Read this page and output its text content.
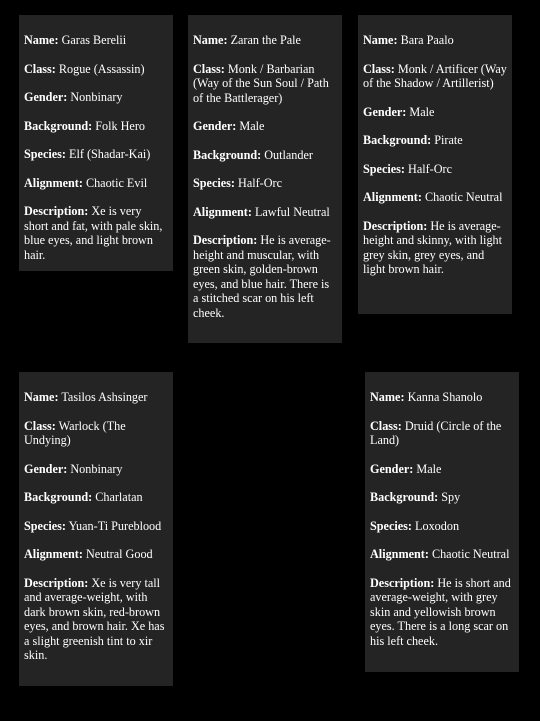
Name: Garas Berelii

Class: Rogue (Assassin)

Gender: Nonbinary

Background: Folk Hero

Species: Elf (Shadar-Kai)

Alignment: Chaotic Evil

Description: Xe is very short and fat, with pale skin, blue eyes, and light brown hair.

Name: Zaran the Pale

Class: Monk / Barbarian (Way of the Sun Soul / Path of the Battlerager)

Gender: Male

Background: Outlander

Species: Half-Orc

Alignment: Lawful Neutral

Description: He is average-height and muscular, with green skin, golden-brown eyes, and blue hair. There is a stitched scar on his left cheek.

Name: Bara Paalo

Class: Monk / Artificer (Way of the Shadow / Artillerist)

Gender: Male

Background: Pirate

Species: Half-Orc

Alignment: Chaotic Neutral

Description: He is average-height and skinny, with light grey skin, grey eyes, and light brown hair.

Name: Tasilos Ashsinger

Class: Warlock (The Undying)

Gender: Nonbinary

Background: Charlatan

Species: Yuan-Ti Pureblood

Alignment: Neutral Good

Description: Xe is very tall and average-weight, with dark brown skin, red-brown eyes, and brown hair. Xe has a slight greenish tint to xir skin.

Name: Kanna Shanolo

Class: Druid (Circle of the Land)

Gender: Male

Background: Spy

Species: Loxodon

Alignment: Chaotic Neutral

Description: He is short and average-weight, with grey skin and yellowish brown eyes. There is a long scar on his left cheek.
